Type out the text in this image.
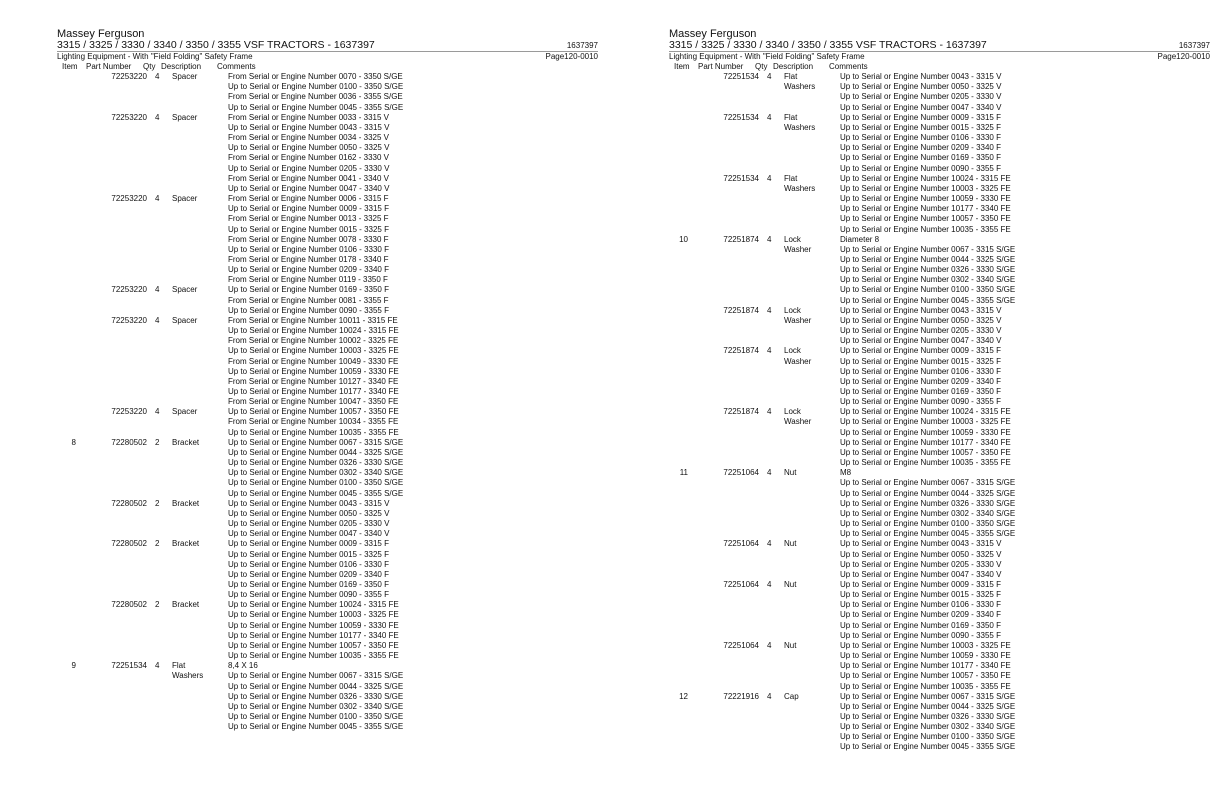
Massey Ferguson
3315 / 3325 / 3330 / 3340 / 3350 / 3355 VSF TRACTORS - 1637397	1637397
Lighting Equipment - With "Field Folding" Safety Frame	Page120-0010
Item	Part Number	Qty Description	Comments
72253220	4	Spacer	From Serial or Engine Number 0070 - 3350 S/GE
Up to Serial or Engine Number 0100 - 3350 S/GE
From Serial or Engine Number 0036 - 3355 S/GE
Up to Serial or Engine Number 0045 - 3355 S/GE
72253220	4	Spacer	From Serial or Engine Number 0033 - 3315 V
Up to Serial or Engine Number 0043 - 3315 V
From Serial or Engine Number 0034 - 3325 V
Up to Serial or Engine Number 0050 - 3325 V
From Serial or Engine Number 0162 - 3330 V
Up to Serial or Engine Number 0205 - 3330 V
From Serial or Engine Number 0041 - 3340 V
Up to Serial or Engine Number 0047 - 3340 V
72253220	4	Spacer	From Serial or Engine Number 0006 - 3315 F
Up to Serial or Engine Number 0009 - 3315 F
From Serial or Engine Number 0013 - 3325 F
Up to Serial or Engine Number 0015 - 3325 F
From Serial or Engine Number 0078 - 3330 F
Up to Serial or Engine Number 0106 - 3330 F
From Serial or Engine Number 0178 - 3340 F
Up to Serial or Engine Number 0209 - 3340 F
From Serial or Engine Number 0119 - 3350 F
72253220	4	Spacer	Up to Serial or Engine Number 0169 - 3350 F
From Serial or Engine Number 0081 - 3355 F
Up to Serial or Engine Number 0090 - 3355 F
72253220	4	Spacer	From Serial or Engine Number 10011 - 3315 FE
Up to Serial or Engine Number 10024 - 3315 FE
From Serial or Engine Number 10002 - 3325 FE
Up to Serial or Engine Number 10003 - 3325 FE
From Serial or Engine Number 10049 - 3330 FE
Up to Serial or Engine Number 10059 - 3330 FE
From Serial or Engine Number 10127 - 3340 FE
Up to Serial or Engine Number 10177 - 3340 FE
From Serial or Engine Number 10047 - 3350 FE
72253220	4	Spacer	Up to Serial or Engine Number 10057 - 3350 FE
From Serial or Engine Number 10034 - 3355 FE
Up to Serial or Engine Number 10035 - 3355 FE
8	72280502	2	Bracket	Up to Serial or Engine Number 0067 - 3315 S/GE
Up to Serial or Engine Number 0044 - 3325 S/GE
Up to Serial or Engine Number 0326 - 3330 S/GE
Up to Serial or Engine Number 0302 - 3340 S/GE
Up to Serial or Engine Number 0100 - 3350 S/GE
Up to Serial or Engine Number 0045 - 3355 S/GE
72280502	2	Bracket	Up to Serial or Engine Number 0043 - 3315 V
Up to Serial or Engine Number 0050 - 3325 V
Up to Serial or Engine Number 0205 - 3330 V
Up to Serial or Engine Number 0047 - 3340 V
72280502	2	Bracket	Up to Serial or Engine Number 0009 - 3315 F
Up to Serial or Engine Number 0015 - 3325 F
Up to Serial or Engine Number 0106 - 3330 F
Up to Serial or Engine Number 0209 - 3340 F
Up to Serial or Engine Number 0169 - 3350 F
Up to Serial or Engine Number 0090 - 3355 F
72280502	2	Bracket	Up to Serial or Engine Number 10024 - 3315 FE
Up to Serial or Engine Number 10003 - 3325 FE
Up to Serial or Engine Number 10059 - 3330 FE
Up to Serial or Engine Number 10177 - 3340 FE
Up to Serial or Engine Number 10057 - 3350 FE
Up to Serial or Engine Number 10035 - 3355 FE
9	72251534	4	Flat	8,4 X 16
Washers	Up to Serial or Engine Number 0067 - 3315 S/GE
Up to Serial or Engine Number 0044 - 3325 S/GE
Up to Serial or Engine Number 0326 - 3330 S/GE
Up to Serial or Engine Number 0302 - 3340 S/GE
Up to Serial or Engine Number 0100 - 3350 S/GE
Up to Serial or Engine Number 0045 - 3355 S/GE
Massey Ferguson
3315 / 3325 / 3330 / 3340 / 3350 / 3355 VSF TRACTORS - 1637397	1637397
Lighting Equipment - With "Field Folding" Safety Frame	Page120-0010
Item	Part Number	Qty Description	Comments
72251534	4	Flat	Up to Serial or Engine Number 0043 - 3315 V
Washers	Up to Serial or Engine Number 0050 - 3325 V
Up to Serial or Engine Number 0205 - 3330 V
Up to Serial or Engine Number 0047 - 3340 V
72251534	4	Flat	Up to Serial or Engine Number 0009 - 3315 F
Washers	Up to Serial or Engine Number 0015 - 3325 F
Up to Serial or Engine Number 0106 - 3330 F
Up to Serial or Engine Number 0209 - 3340 F
Up to Serial or Engine Number 0169 - 3350 F
Up to Serial or Engine Number 0090 - 3355 F
72251534	4	Flat	Up to Serial or Engine Number 10024 - 3315 FE
Washers	Up to Serial or Engine Number 10003 - 3325 FE
Up to Serial or Engine Number 10059 - 3330 FE
Up to Serial or Engine Number 10177 - 3340 FE
Up to Serial or Engine Number 10057 - 3350 FE
Up to Serial or Engine Number 10035 - 3355 FE
10	72251874	4	Lock	Diameter 8
Washer	Up to Serial or Engine Number 0067 - 3315 S/GE
Up to Serial or Engine Number 0044 - 3325 S/GE
Up to Serial or Engine Number 0326 - 3330 S/GE
Up to Serial or Engine Number 0302 - 3340 S/GE
Up to Serial or Engine Number 0100 - 3350 S/GE
Up to Serial or Engine Number 0045 - 3355 S/GE
72251874	4	Lock	Up to Serial or Engine Number 0043 - 3315 V
Washer	Up to Serial or Engine Number 0050 - 3325 V
Up to Serial or Engine Number 0205 - 3330 V
Up to Serial or Engine Number 0047 - 3340 V
72251874	4	Lock	Up to Serial or Engine Number 0009 - 3315 F
Washer	Up to Serial or Engine Number 0015 - 3325 F
Up to Serial or Engine Number 0106 - 3330 F
Up to Serial or Engine Number 0209 - 3340 F
Up to Serial or Engine Number 0169 - 3350 F
Up to Serial or Engine Number 0090 - 3355 F
72251874	4	Lock	Up to Serial or Engine Number 10024 - 3315 FE
Washer	Up to Serial or Engine Number 10003 - 3325 FE
Up to Serial or Engine Number 10059 - 3330 FE
Up to Serial or Engine Number 10177 - 3340 FE
Up to Serial or Engine Number 10057 - 3350 FE
Up to Serial or Engine Number 10035 - 3355 FE
11	72251064	4	Nut	M8
Up to Serial or Engine Number 0067 - 3315 S/GE
Up to Serial or Engine Number 0044 - 3325 S/GE
Up to Serial or Engine Number 0326 - 3330 S/GE
Up to Serial or Engine Number 0302 - 3340 S/GE
Up to Serial or Engine Number 0100 - 3350 S/GE
Up to Serial or Engine Number 0045 - 3355 S/GE
72251064	4	Nut	Up to Serial or Engine Number 0043 - 3315 V
Up to Serial or Engine Number 0050 - 3325 V
Up to Serial or Engine Number 0205 - 3330 V
Up to Serial or Engine Number 0047 - 3340 V
72251064	4	Nut	Up to Serial or Engine Number 0009 - 3315 F
Up to Serial or Engine Number 0015 - 3325 F
Up to Serial or Engine Number 0106 - 3330 F
Up to Serial or Engine Number 0209 - 3340 F
Up to Serial or Engine Number 0169 - 3350 F
Up to Serial or Engine Number 0090 - 3355 F
72251064	4	Nut	Up to Serial or Engine Number 10003 - 3325 FE
Up to Serial or Engine Number 10059 - 3330 FE
Up to Serial or Engine Number 10177 - 3340 FE
Up to Serial or Engine Number 10057 - 3350 FE
Up to Serial or Engine Number 10035 - 3355 FE
12	72221916	4	Cap	Up to Serial or Engine Number 0067 - 3315 S/GE
Up to Serial or Engine Number 0044 - 3325 S/GE
Up to Serial or Engine Number 0326 - 3330 S/GE
Up to Serial or Engine Number 0302 - 3340 S/GE
Up to Serial or Engine Number 0100 - 3350 S/GE
Up to Serial or Engine Number 0045 - 3355 S/GE
